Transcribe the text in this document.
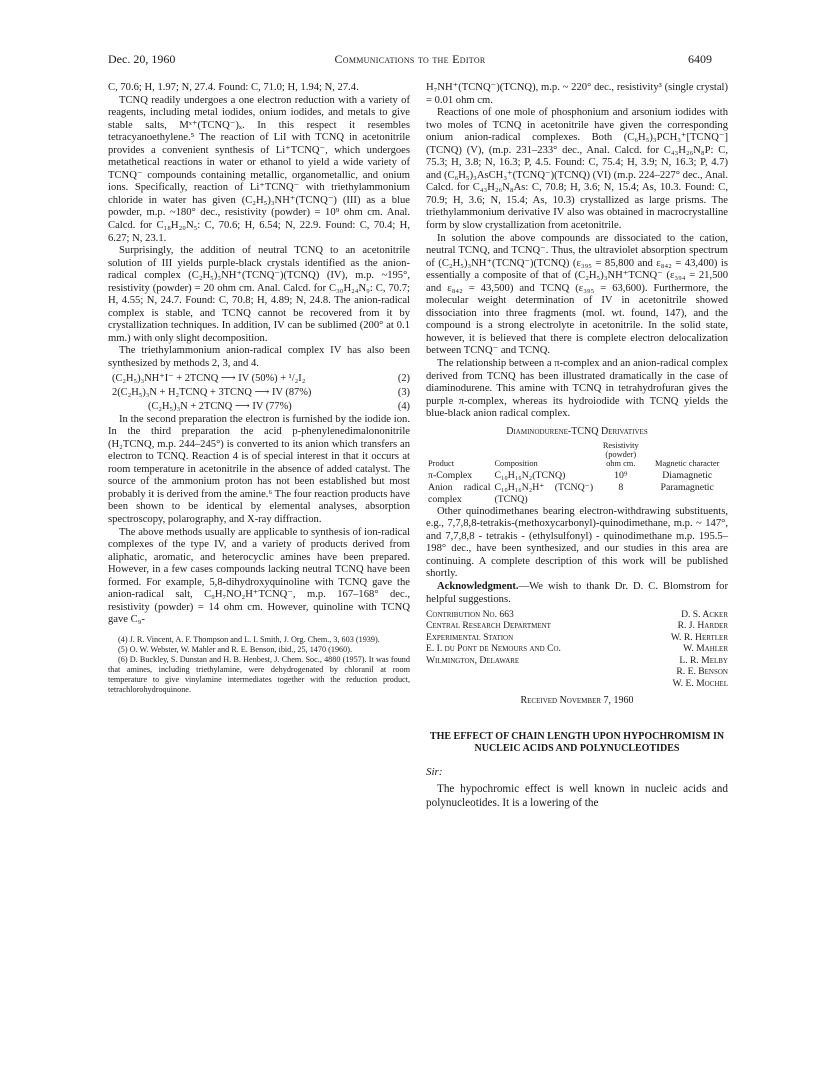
Dec. 20, 1960	Communications to the Editor	6409

C, 70.6; H, 1.97; N, 27.4. Found: C, 71.0; H, 1.94; N, 27.4.

TCNQ readily undergoes a one electron reduction with a variety of reagents, including metal iodides, onium iodides, and metals to give stable salts, Mˣ⁺(TCNQ⁻)ₓ. In this respect it resembles tetracyanoethylene.⁵ The reaction of LiI with TCNQ in acetonitrile provides a convenient synthesis of Li⁺TCNQ⁻, which undergoes metathetical reactions in water or ethanol to yield a wide variety of TCNQ⁻ compounds containing metallic, organometallic, and onium ions. Specifically, reaction of Li⁺TCNQ⁻ with triethylammonium chloride in water has given (C₂H₅)₃NH⁺(TCNQ⁻) (III) as a blue powder, m.p. ~180° dec., resistivity (powder) = 10⁹ ohm cm. Anal. Calcd. for C₁₈H₂₀N₅: C, 70.6; H, 6.54; N, 22.9. Found: C, 70.4; H, 6.27; N, 23.1.

Surprisingly, the addition of neutral TCNQ to an acetonitrile solution of III yields purple-black crystals identified as the anion-radical complex (C₂H₅)₃NH⁺(TCNQ⁻)(TCNQ) (IV), m.p. ~195°, resistivity (powder) = 20 ohm cm. Anal. Calcd. for C₃₀H₂₄N₉: C, 70.7; H, 4.55; N, 24.7. Found: C, 70.8; H, 4.89; N, 24.8. The anion-radical complex is stable, and TCNQ cannot be recovered from it by crystallization techniques. In addition, IV can be sublimed (200° at 0.1 mm.) with only slight decomposition.

The triethylammonium anion-radical complex IV has also been synthesized by methods 2, 3, and 4.

(C₂H₅)₃NH⁺I⁻ + 2TCNQ ⟶ IV (50%) + ¹/₂I₂	(2)
2(C₂H₅)₃N + H₂TCNQ + 3TCNQ ⟶ IV (87%)	(3)
(C₂H₅)₃N + 2TCNQ ⟶ IV (77%)	(4)

In the second preparation the electron is furnished by the iodide ion. In the third preparation the acid p-phenylenedimalononitrile (H₂TCNQ, m.p. 244–245°) is converted to its anion which transfers an electron to TCNQ. Reaction 4 is of special interest in that it occurs at room temperature in acetonitrile in the absence of added catalyst. The source of the ammonium proton has not been established but most probably it is derived from the amine.⁶ The four reaction products have been shown to be identical by elemental analyses, absorption spectroscopy, polarography, and X-ray diffraction.

The above methods usually are applicable to synthesis of ion-radical complexes of the type IV, and a variety of products derived from aliphatic, aromatic, and heterocyclic amines have been prepared. However, in a few cases compounds lacking neutral TCNQ have been formed. For example, 5,8-dihydroxyquinoline with TCNQ gave the anion-radical salt, C₉H₇NO₂H⁺TCNQ⁻, m.p. 167–168° dec., resistivity (powder) = 14 ohm cm. However, quinoline with TCNQ gave C₉-

(4) J. R. Vincent, A. F. Thompson and L. I. Smith, J. Org. Chem., 3, 603 (1939).
(5) O. W. Webster, W. Mahler and R. E. Benson, ibid., 25, 1470 (1960).
(6) D. Buckley, S. Dunstan and H. B. Henbest, J. Chem. Soc., 4880 (1957). It was found that amines, including triethylamine, were dehydrogenated by chloranil at room temperature to give vinylamine intermediates together with the reduction product, tetrachlorohydroquinone.

H₇NH⁺(TCNQ⁻)(TCNQ), m.p. ~ 220° dec., resistivity³ (single crystal) = 0.01 ohm cm.

Reactions of one mole of phosphonium and arsonium iodides with two moles of TCNQ in acetonitrile have given the corresponding onium anion-radical complexes. Both (C₆H₅)₃PCH₃⁺[TCNQ⁻](TCNQ) (V), (m.p. 231–233° dec., Anal. Calcd. for C₄₃H₂₆N₈P: C, 75.3; H, 3.8; N, 16.3; P, 4.5. Found: C, 75.4; H, 3.9; N, 16.3; P, 4.7) and (C₆H₅)₃AsCH₃⁺(TCNQ⁻)(TCNQ) (VI) (m.p. 224–227° dec., Anal. Calcd. for C₄₃H₂₆N₈As: C, 70.8; H, 3.6; N, 15.4; As, 10.3. Found: C, 70.9; H, 3.6; N, 15.4; As, 10.3) crystallized as large prisms. The triethylammonium derivative IV also was obtained in macrocrystalline form by slow crystallization from acetonitrile.

In solution the above compounds are dissociated to the cation, neutral TCNQ, and TCNQ⁻. Thus, the ultraviolet absorption spectrum of (C₂H₅)₃NH⁺(TCNQ⁻)(TCNQ) (ε₃₉₅ = 85,800 and ε₈₄₂ = 43,400) is essentially a composite of that of (C₂H₅)₃NH⁺TCNQ⁻ (ε₃₉₄ = 21,500 and ε₈₄₂ = 43,500) and TCNQ (ε₃₉₅ = 63,600). Furthermore, the molecular weight determination of IV in acetonitrile showed dissociation into three fragments (mol. wt. found, 147), and the compound is a strong electrolyte in acetonitrile. In the solid state, however, it is believed that there is complete electron delocalization between TCNQ⁻ and TCNQ.

The relationship between a π-complex and an anion-radical complex derived from TCNQ has been illustrated dramatically in the case of diaminodurene. This amine with TCNQ in tetrahydrofuran gives the purple π-complex, whereas its hydroiodide with TCNQ yields the blue-black anion radical complex.

Diaminodurene-TCNQ Derivatives
Product	Composition	Resistivity (powder) ohm cm.	Magnetic character
π-Complex	C₁₀H₁₆N₂(TCNQ)	10⁹	Diamagnetic
Anion radical complex	C₁₀H₁₆N₂H⁺ (TCNQ⁻)(TCNQ)	8	Paramagnetic

Other quinodimethanes bearing electron-withdrawing substituents, e.g., 7,7,8,8-tetrakis-(methoxycarbonyl)-quinodimethane, m.p. ~ 147°, and 7,7,8,8 - tetrakis - (ethylsulfonyl) - quinodimethane m.p. 195.5–198° dec., have been synthesized, and our studies in this area are continuing. A complete description of this work will be published shortly.

Acknowledgment.—We wish to thank Dr. D. C. Blomstrom for helpful suggestions.

Contribution No. 663
Central Research Department
Experimental Station
E. I. du Pont de Nemours and Co.
Wilmington, Delaware
D. S. Acker
R. J. Harder
W. R. Hertler
W. Mahler
L. R. Melby
R. E. Benson
W. E. Mochel
Received November 7, 1960
THE EFFECT OF CHAIN LENGTH UPON HYPOCHROMISM IN NUCLEIC ACIDS AND POLYNUCLEOTIDES
Sir:

The hypochromic effect is well known in nucleic acids and polynucleotides. It is a lowering of the
